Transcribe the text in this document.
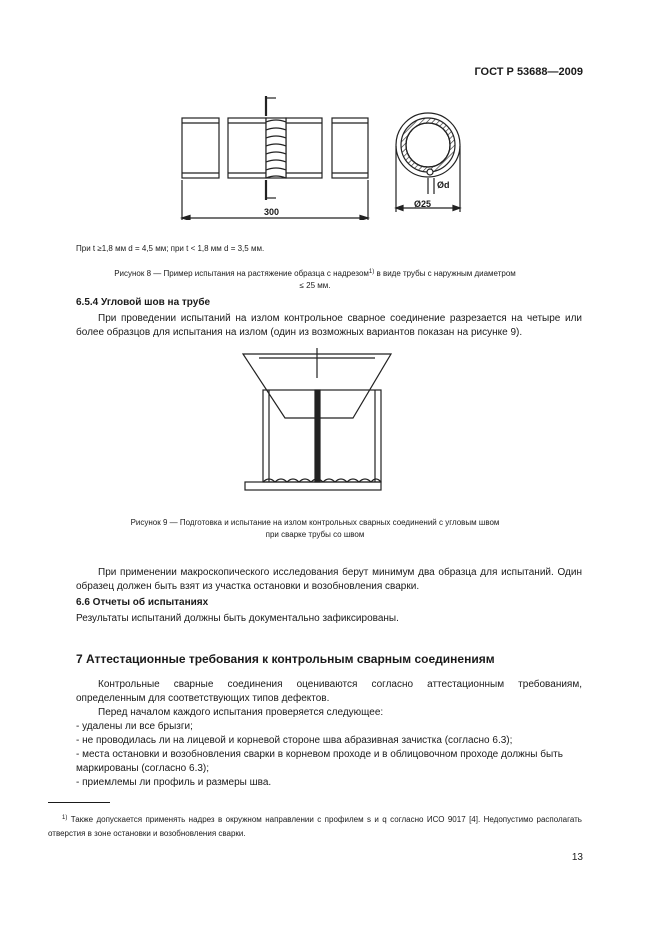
ГОСТ Р 53688—2009
300
Ød
Ø25
При t ≥1,8 мм d = 4,5 мм; при t < 1,8 мм d = 3,5 мм.
Рисунок 8 — Пример испытания на растяжение образца с надрезом$^{1)}$ в виде трубы с наружным диаметром
≤ 25 мм.
6.5.4 Угловой шов на трубе
При проведении испытаний на излом контрольное сварное соединение разрезается на четыре или более образцов для испытания на излом (один из возможных вариантов показан на рисунке 9).
Рисунок 9 — Подготовка и испытание на излом контрольных сварных соединений с угловым швом
при сварке трубы со швом
При применении макроскопического исследования берут минимум два образца для испытаний. Один образец должен быть взят из участка остановки и возобновления сварки.
6.6 Отчеты об испытаниях
Результаты испытаний должны быть документально зафиксированы.
7 Аттестационные требования к контрольным сварным соединениям
Контрольные сварные соединения оцениваются согласно аттестационным требованиям, определенным для соответствующих типов дефектов.
Перед началом каждого испытания проверяется следующее:
- удалены ли все брызги;
- не проводилась ли на лицевой и корневой стороне шва абразивная зачистка (согласно 6.3);
- места остановки и возобновления сварки в корневом проходе и в облицовочном проходе должны быть маркированы (согласно 6.3);
- приемлемы ли профиль и размеры шва.
$^{1)}$ Также допускается применять надрез в окружном направлении с профилем s и q согласно ИСО 9017 [4]. Недопустимо располагать отверстия в зоне остановки и возобновления сварки.
13
